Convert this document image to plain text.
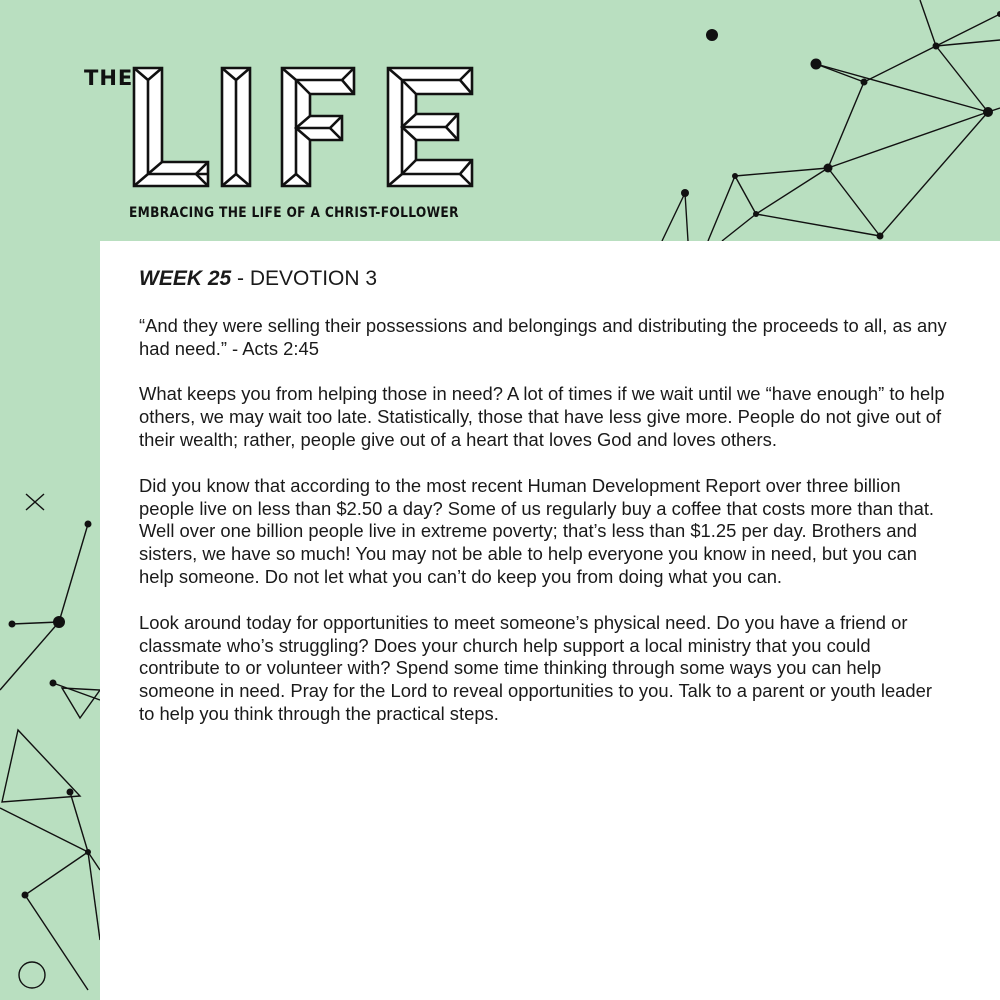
THE
EMBRACING THE LIFE OF A CHRIST-FOLLOWER
WEEK 25 - DEVOTION 3

“And they were selling their possessions and belongings and distributing the proceeds to all, as any had need.” - Acts 2:45

What keeps you from helping those in need? A lot of times if we wait until we “have enough” to help others, we may wait too late. Statistically, those that have less give more. People do not give out of their wealth; rather, people give out of a heart that loves God and loves others.

Did you know that according to the most recent Human Development Report over three billion people live on less than $2.50 a day? Some of us regularly buy a coffee that costs more than that. Well over one billion people live in extreme poverty; that’s less than $1.25 per day. Brothers and sisters, we have so much! You may not be able to help everyone you know in need, but you can help someone. Do not let what you can’t do keep you from doing what you can.

Look around today for opportunities to meet someone’s physical need. Do you have a friend or classmate who’s struggling? Does your church help support a local ministry that you could contribute to or volunteer with? Spend some time thinking through some ways you can help someone in need. Pray for the Lord to reveal opportunities to you. Talk to a parent or youth leader to help you think through the practical steps.
